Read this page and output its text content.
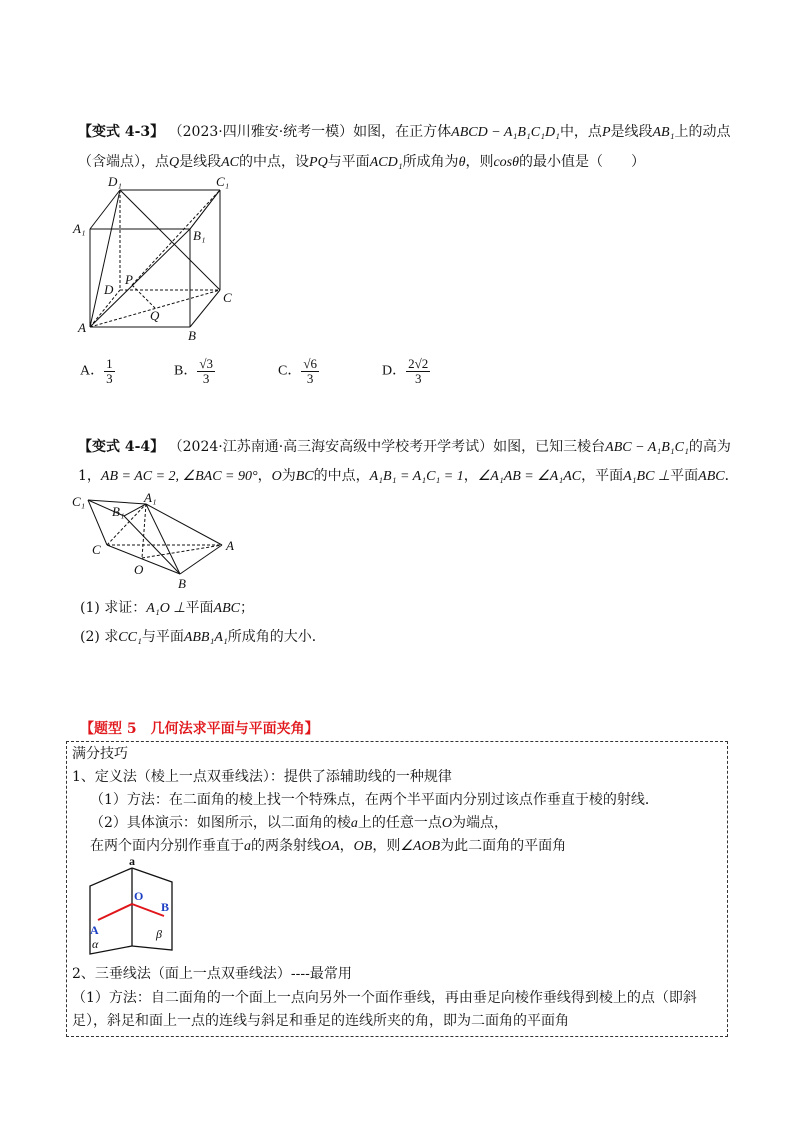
【变式 4-3】 （2023·四川雅安·统考一模）如图，在正方体ABCD − A₁B₁C₁D₁中，点P是线段AB₁上的动点
（含端点），点Q是线段AC的中点，设PQ与平面ACD₁所成角为θ，则cosθ的最小值是（　　）
D₁	C₁
A₁	B₁
P
D
C
Q
A
B
A． $\frac{1}{3}$	B． $\frac{√3}{3}$	C． $\frac{√6}{3}$	D． $\frac{2√2}{3}$
【变式 4-4】 （2024·江苏南通·高三海安高级中学校考开学考试）如图，已知三棱台ABC − A₁B₁C₁的高为
1，AB = AC = 2, ∠BAC = 90°，O为BC的中点，A₁B₁ = A₁C₁ = 1，∠A₁AB = ∠A₁AC，平面A₁BC ⊥平面ABC．
C₁	A₁
B₁
C	A
O
B
(1) 求证：A₁O ⊥平面ABC；
(2) 求CC₁与平面ABB₁A₁所成角的大小．
【题型 5　几何法求平面与平面夹角】
满分技巧
1、定义法（棱上一点双垂线法）：提供了添辅助线的一种规律
（1）方法：在二面角的棱上找一个特殊点，在两个半平面内分别过该点作垂直于棱的射线．
（2）具体演示：如图所示，以二面角的棱a上的任意一点O为端点，
在两个面内分别作垂直于a的两条射线OA，OB，则∠AOB为此二面角的平面角
a
O
A
B
α
β
2、三垂线法（面上一点双垂线法）----最常用
（1）方法：自二面角的一个面上一点向另外一个面作垂线，再由垂足向棱作垂线得到棱上的点（即斜
足），斜足和面上一点的连线与斜足和垂足的连线所夹的角，即为二面角的平面角
